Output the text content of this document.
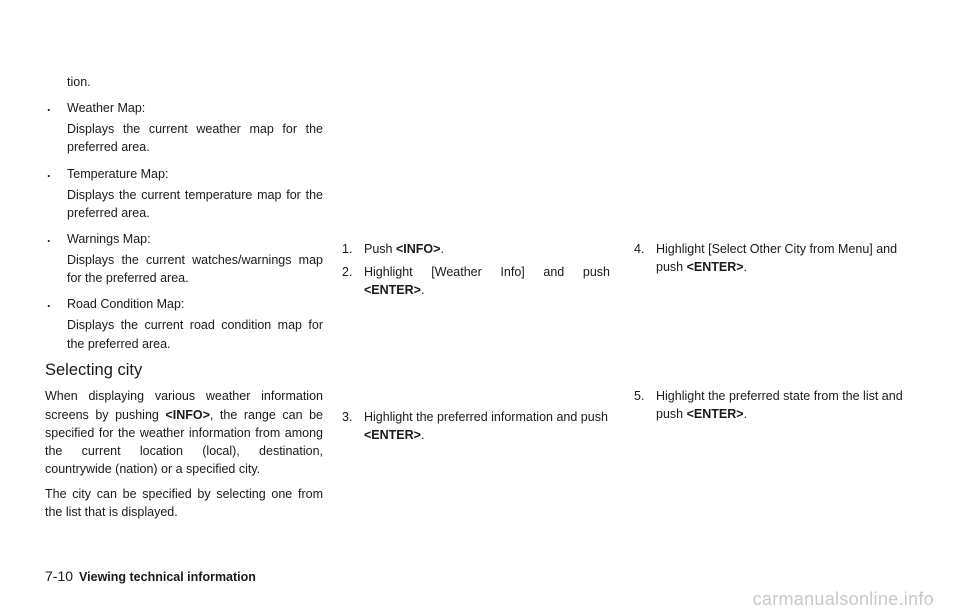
tion.

. Weather Map:

Displays the current weather map for the preferred area.

. Temperature Map:

Displays the current temperature map for the preferred area.

. Warnings Map:

Displays the current watches/warnings map for the preferred area.

. Road Condition Map:

Displays the current road condition map for the preferred area.

Selecting city

When displaying various weather information screens by pushing <INFO>, the range can be specified for the weather information from among the current location (local), destination, countrywide (nation) or a specified city.

The city can be specified by selecting one from the list that is displayed.

1. Push <INFO>.
2. Highlight [Weather Info] and push
<ENTER>.
3. Highlight the preferred information and push
<ENTER>.
4. Highlight [Select Other City from Menu] and push <ENTER>.
5. Highlight the preferred state from the list and push <ENTER>.
7-10 Viewing technical information
carmanualsonline.info
